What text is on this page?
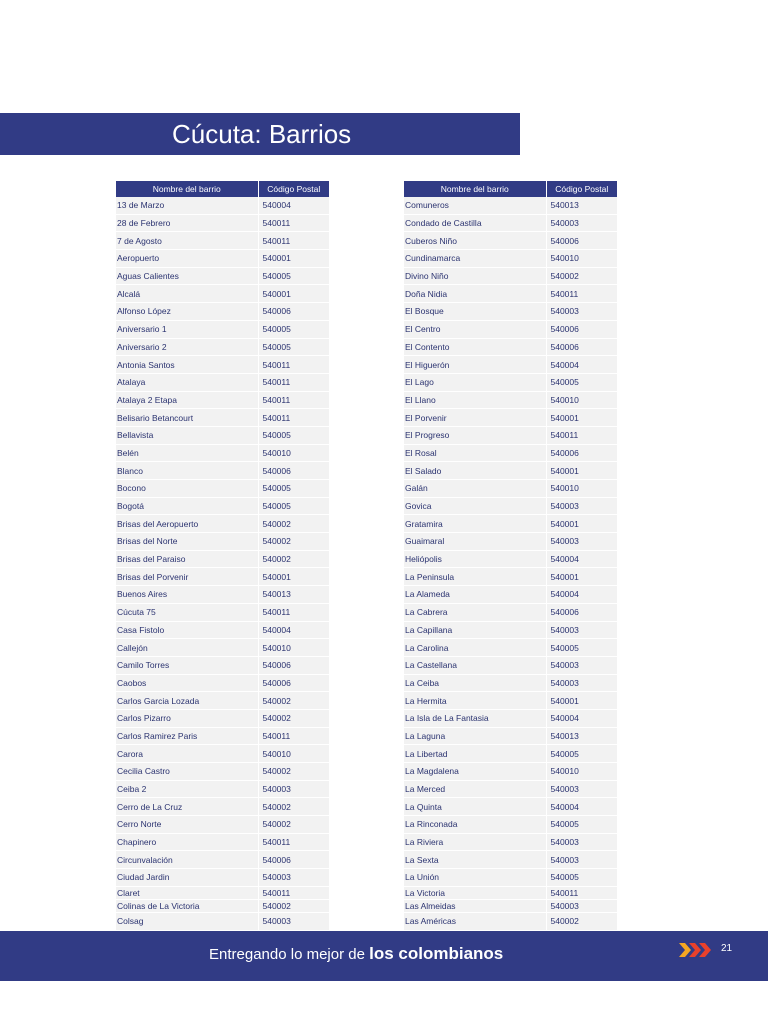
Cúcuta: Barrios
Nombre del barrio	Código Postal
13 de Marzo	540004
28 de Febrero	540011
7 de Agosto	540011
Aeropuerto	540001
Aguas Calientes	540005
Alcalá	540001
Alfonso López	540006
Aniversario 1	540005
Aniversario 2	540005
Antonia Santos	540011
Atalaya	540011
Atalaya 2 Etapa	540011
Belisario Betancourt	540011
Bellavista	540005
Belén	540010
Blanco	540006
Bocono	540005
Bogotá	540005
Brisas del Aeropuerto	540002
Brisas del Norte	540002
Brisas del Paraiso	540002
Brisas del Porvenir	540001
Buenos Aires	540013
Cúcuta 75	540011
Casa Fistolo	540004
Callejón	540010
Camilo Torres	540006
Caobos	540006
Carlos Garcia Lozada	540002
Carlos Pizarro	540002
Carlos Ramirez Paris	540011
Carora	540010
Cecilia Castro	540002
Ceiba 2	540003
Cerro de La Cruz	540002
Cerro Norte	540002
Chapinero	540011
Circunvalación	540006
Ciudad Jardin	540003
Claret	540011
Colinas de La Victoria	540002
Colsag	540003
Nombre del barrio	Código Postal
Comuneros	540013
Condado de Castilla	540003
Cuberos Niño	540006
Cundinamarca	540010
Divino Niño	540002
Doña Nidia	540011
El Bosque	540003
El Centro	540006
El Contento	540006
El Higuerón	540004
El Lago	540005
El Llano	540010
El Porvenir	540001
El Progreso	540011
El Rosal	540006
El Salado	540001
Galán	540010
Govica	540003
Gratamira	540001
Guaimaral	540003
Heliópolis	540004
La Peninsula	540001
La Alameda	540004
La Cabrera	540006
La Capillana	540003
La Carolina	540005
La Castellana	540003
La Ceiba	540003
La Hermita	540001
La Isla de La Fantasia	540004
La Laguna	540013
La Libertad	540005
La Magdalena	540010
La Merced	540003
La Quinta	540004
La Rinconada	540005
La Riviera	540003
La Sexta	540003
La Unión	540005
La Victoria	540011
Las Almeidas	540003
Las Américas	540002
Entregando lo mejor de los colombianos	21
